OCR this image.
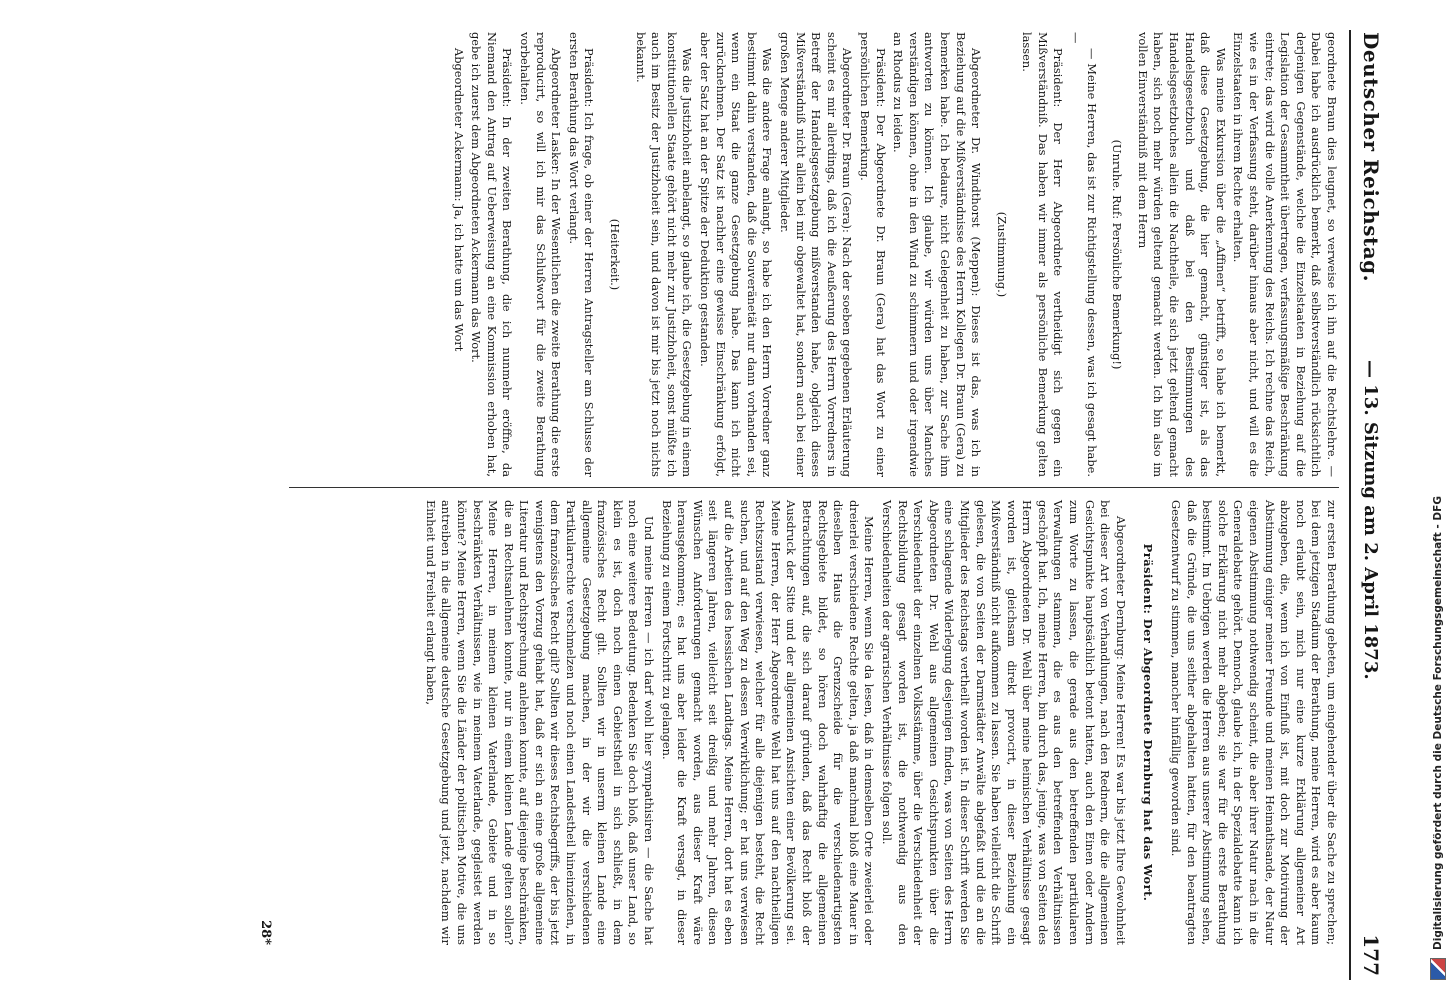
Deutscher Reichstag.
— 13. Sitzung am 2. April 1873.
177

geordnete Braun dies leugnet, so verweise ich ihn auf die Rechtslehre. — Dabei habe ich ausdrücklich bemerkt, daß selbstverständlich rücksichtlich derjenigen Gegenstände, welche die Einzelstaaten in Beziehung auf die Legislation der Gesammtheit übertragen, verfassungsmäßige Beschränkung eintrete; das wird die volle Anerkennung des Reichs. Ich rechne das Reich, wie es in der Verfassung steht, darüber hinaus aber nicht, und will es die Einzelstaaten in ihrem Rechte erhalten.

Was meine Exkursion über die „Affinen“ betrifft, so habe ich bemerkt, daß diese Gesetzgebung, die hier gemacht, günstiger ist, als das Handelsgesetzbuch und daß bei den Bestimmungen des Handelsgesetzbuches allein die Nachtheile, die sich jetzt geltend gemacht haben, sich noch mehr würden geltend gemacht werden. Ich bin also im vollen Einverständniß mit dem Herrn

(Unruhe. Ruf: Persönliche Bemerkung!)

— Meine Herren, das ist zur Richtigstellung dessen, was ich gesagt habe. —

Präsident: Der Herr Abgeordnete vertheidigt sich gegen ein Mißverständniß. Das haben wir immer als persönliche Bemerkung gelten lassen.

(Zustimmung.)

Abgeordneter Dr. Windthorst (Meppen): Dieses ist das, was ich in Beziehung auf die Mißverständnisse des Herrn Kollegen Dr. Braun (Gera) zu bemerken habe. Ich bedaure, nicht Gelegenheit zu haben, zur Sache ihm antworten zu können. Ich glaube, wir würden uns über Manches verständigen können, ohne in den Wind zu schimmern und oder irgendwie an Rhodus zu leiden.

Präsident: Der Abgeordnete Dr. Braun (Gera) hat das Wort zu einer persönlichen Bemerkung.

Abgeordneter Dr. Braun (Gera): Nach der soeben gegebenen Erläuterung scheint es mir allerdings, daß ich die Aeußerung des Herrn Vorredners in Betreff der Handelsgesetzgebung mißverstanden habe, obgleich dieses Mißverständniß nicht allein bei mir obgewaltet hat, sondern auch bei einer großen Menge anderer Mitglieder.

Was die andere Frage anlangt, so habe ich den Herrn Vorredner ganz bestimmt dahin verstanden, daß die Souveränetät nur dann vorhanden sei, wenn ein Staat die ganze Gesetzgebung habe. Das kann ich nicht zurücknehmen. Der Satz ist nachher eine gewisse Einschränkung erfolgt, aber der Satz hat an der Spitze der Deduktion gestanden.

Was die Justizhoheit anbelangt, so glaube ich, die Gesetzgebung in einem konstitutionellen Staate gehört nicht mehr zur Justizhoheit, sonst müßte ich auch im Besitz der Justizhoheit sein, und davon ist mir bis jetzt noch nichts bekannt.

(Heiterkeit.)

Präsident: Ich frage, ob einer der Herren Antragsteller am Schlusse der ersten Berathung das Wort verlangt.

Abgeordneter Lasker: In der Wesentlichen die zweite Berathung die erste reproducirt, so will ich mir das Schlußwort für die zweite Berathung vorbehalten.

Präsident: In der zweiten Berathung, die ich nunmehr eröffne, da Niemand den Antrag auf Ueberweisung an eine Kommission erhoben hat, gebe ich zuerst dem Abgeordneten Ackermann das Wort.

Abgeordneter Ackermann: Ja, ich hatte um das Wort

zur ersten Berathung gebeten, um eingehender über die Sache zu sprechen; bei dem jetzigen Stadium der Berathung, meine Herren, wird es aber kaum noch erlaubt sein, mich nur eine kurze Erklärung allgemeiner Art abzugeben, die, wenn ich von Einfluß ist, mit doch zur Motivirung der Abstimmung einiger meiner Freunde und meinen Heimathsande, der Natur eigenen Abstimmung nothwendig scheint, die aber ihrer Natur nach in die Generaldebatte gehört. Dennoch, glaube ich, in der Spezialdebatte kann ich solche Erklärung nicht mehr abgeben; sie war für die erste Berathung bestimmt. Im Uebrigen werden die Herren aus unserer Abstimmung sehen, daß die Gründe, die uns seither abgehalten hatten, für den beantragten Gesetzentwurf zu stimmen, mancher hinfällig geworden sind.

Präsident: Der Abgeordnete Dernburg hat das Wort.

Abgeordneter Dernburg: Meine Herren! Es war bis jetzt Ihre Gewohnheit bei dieser Art von Verhandlungen, nach den Rednern, die die allgemeinen Gesichtspunkte hauptsächlich betont hatten, auch den Einen oder Andern zum Worte zu lassen, die gerade aus den betreffenden partikularen Verwaltungen stammen, die es aus den betreffenden Verhältnissen geschöpft hat. Ich, meine Herren, bin durch das, jenige, was von Seiten des Herrn Abgeordneten Dr. Wehl über meine heimischen Verhältnisse gesagt worden ist, gleichsam direkt provocirt, in dieser Beziehung ein Mißverständniß nicht aufkommen zu lassen. Sie haben vielleicht die Schrift gelesen, die von Seiten der Darmstädter Anwälte abgefaßt und die an die Mitglieder des Reichstags vertheilt worden ist. In dieser Schrift werden Sie eine schlagende Widerlegung desjenigen finden, was von Seiten des Herrn Abgeordneten Dr. Wehl aus allgemeinen Gesichtspunkten über die Verschiedenheit der einzelnen Volksstämme, über die Verschiedenheit der Rechtsbildung gesagt worden ist, die nothwendig aus den Verschiedenheiten der agrarischen Verhältnisse folgen soll.

Meine Herren, wenn Sie da lesen, daß in demselben Orte zweierlei oder dreierlei verschiedene Rechte gelten, ja daß manchmal bloß eine Mauer in dieselben Haus die Grenzscheide für die verschiedenartigsten Rechtsgebiete bildet, so hören doch wahrhaftig die allgemeinen Betrachtungen auf, die sich darauf gründen, daß das Recht bloß der Ausdruck der Sitte und der allgemeinen Ansichten einer Bevölkerung sei. Meine Herren, der Herr Abgeordnete Wehl hat uns auf den nachtheiligen Rechtszustand verwiesen, welcher für alle diejenigen besteht, die Recht suchen, und auf den Weg zu dessen Verwirklichung; er hat uns verwiesen auf die Arbeiten des hessischen Landtags. Meine Herren, dort hat es eben seit längeren Jahren, vielleicht seit dreißig und mehr Jahren, diesen Wünschen Anforderungen gemacht worden, aus dieser Kraft wäre herausgekommen; es hat uns aber leider die Kraft versagt, in dieser Beziehung zu einem Fortschritt zu gelangen.

Und meine Herren — ich darf wohl hier sympathisiren — die Sache hat noch eine weitere Bedeutung. Bedenken Sie doch bloß, daß unser Land, so klein es ist, doch noch einen Gebietstheil in sich schließt, in dem französisches Recht gilt. Sollten wir in unserm kleinen Lande eine allgemeine Gesetzgebung machen, in der wir die verschiedenen Partikularrechte verschmelzen und noch einen Landestheil hineinziehen, in dem französisches Recht gilt? Sollten wir dieses Rechtsbegriffs, der bis jetzt wenigstens den Vorzug gehabt hat, daß er sich an eine große allgemeine Literatur und Rechtsprechung anlehnen konnte, auf diejenige beschränken, die an Rechtsanlehnen konnte, nur in einem kleinen Lande gelten sollen? Meine Herren, in meinem kleinen Vaterlande, Gebiete und in so beschränkten Verhältnissen, wie in meinem Vaterlande, gegleistet werden könnte? Meine Herren, wenn Sie die Länder der politischen Motive, die uns antreiben in die allgemeine deutsche Gesetzgebung und jetzt, nachdem wir Einheit und Freiheit erlangt haben,

28*	Digitalisierung gefördert durch die Deutsche Forschungsgemeinschaft - DFG
